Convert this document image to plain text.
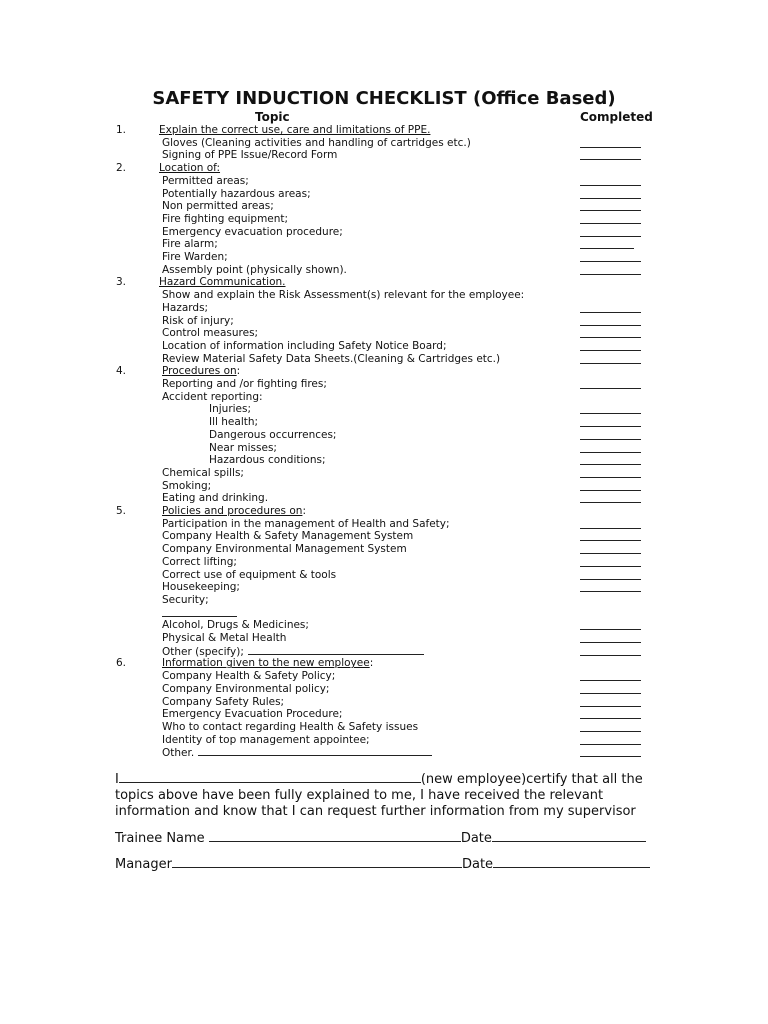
SAFETY INDUCTION CHECKLIST (Office Based)
Topic	Completed
1.	Explain the correct use, care and limitations of PPE.
Gloves (Cleaning activities and handling of cartridges etc.)
Signing of PPE Issue/Record Form
2.	Location of:
Permitted areas;
Potentially hazardous areas;
Non permitted areas;
Fire fighting equipment;
Emergency evacuation procedure;
Fire alarm;
Fire Warden;
Assembly point (physically shown).
3.	Hazard Communication.
Show and explain the Risk Assessment(s) relevant for the employee:
Hazards;
Risk of injury;
Control measures;
Location of information including Safety Notice Board;
Review Material Safety Data Sheets.(Cleaning & Cartridges etc.)
4.	Procedures on:
Reporting and /or fighting fires;
Accident reporting:
Injuries;
Ill health;
Dangerous occurrences;
Near misses;
Hazardous conditions;
Chemical spills;
Smoking;
Eating and drinking.
5.	Policies and procedures on:
Participation in the management of Health and Safety;
Company Health & Safety Management System
Company Environmental Management System
Correct lifting;
Correct use of equipment & tools
Housekeeping;
Security;
Alcohol, Drugs & Medicines;
Physical & Metal Health
Other (specify);
6.	Information given to the new employee:
Company Health & Safety Policy;
Company Environmental policy;
Company Safety Rules;
Emergency Evacuation Procedure;
Who to contact regarding Health & Safety issues
Identity of top management appointee;
Other.
I	(new employee)certify that all the
topics above have been fully explained to me, I have received the relevant
information and know that I can request further information from my supervisor
Trainee Name	Date
Manager	Date
